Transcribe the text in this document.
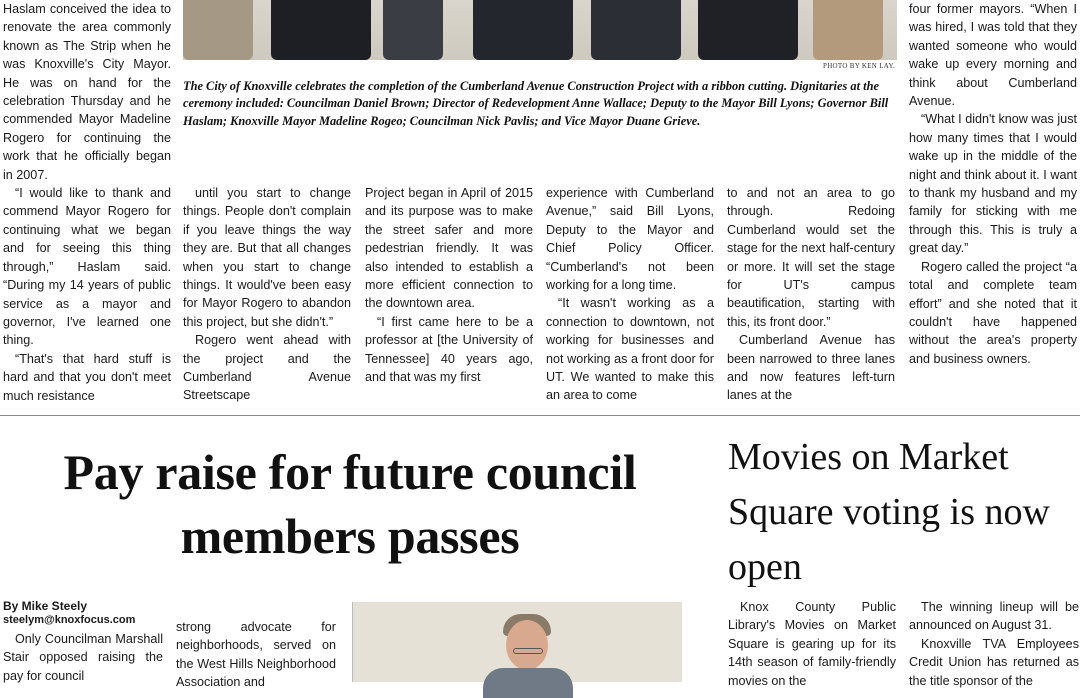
PHOTO BY KEN LAY.
The City of Knoxville celebrates the completion of the Cumberland Avenue Construction Project with a ribbon cutting. Dignitaries at the ceremony included: Councilman Daniel Brown; Director of Redevelopment Anne Wallace; Deputy to the Mayor Bill Lyons; Governor Bill Haslam; Knoxville Mayor Madeline Rogeo; Councilman Nick Pavlis; and Vice Mayor Duane Grieve.

Haslam conceived the idea to renovate the area commonly known as The Strip when he was Knoxville's City Mayor. He was on hand for the celebration Thursday and he commended Mayor Madeline Rogero for continuing the work that he officially began in 2007.

“I would like to thank and commend Mayor Rogero for continuing what we began and for seeing this thing through,” Haslam said. “During my 14 years of public service as a mayor and governor, I've learned one thing.

“That's that hard stuff is hard and that you don't meet much resistance

until you start to change things. People don't complain if you leave things the way they are. But that all changes when you start to change things. It would've been easy for Mayor Rogero to abandon this project, but she didn't.”

Rogero went ahead with the project and the Cumberland Avenue Streetscape

Project began in April of 2015 and its purpose was to make the street safer and more pedestrian friendly. It was also intended to establish a more efficient connection to the downtown area.

“I first came here to be a professor at [the University of Tennessee] 40 years ago, and that was my first

experience with Cumberland Avenue,” said Bill Lyons, Deputy to the Mayor and Chief Policy Officer. “Cumberland's not been working for a long time.

“It wasn't working as a connection to downtown, not working for businesses and not working as a front door for UT. We wanted to make this an area to come

to and not an area to go through. Redoing Cumberland would set the stage for the next half-century or more. It will set the stage for UT's campus beautification, starting with this, its front door.”

Cumberland Avenue has been narrowed to three lanes and now features left-turn lanes at the

four former mayors. “When I was hired, I was told that they wanted someone who would wake up every morning and think about Cumberland Avenue.

“What I didn't know was just how many times that I would wake up in the middle of the night and think about it. I want to thank my husband and my family for sticking with me through this. This is truly a great day.”

Rogero called the project “a total and complete team effort” and she noted that it couldn't have happened without the area's property and business owners.

Pay raise for future council members passes
By Mike Steely
steelym@knoxfocus.com

Only Councilman Marshall Stair opposed raising the pay for council

strong advocate for neighborhoods, served on the West Hills Neighborhood Association and

Movies on Market Square voting is now open

Knox County Public Library's Movies on Market Square is gearing up for its 14th season of family-friendly movies on the

The winning lineup will be announced on August 31.

Knoxville TVA Employees Credit Union has returned as the title sponsor of the
